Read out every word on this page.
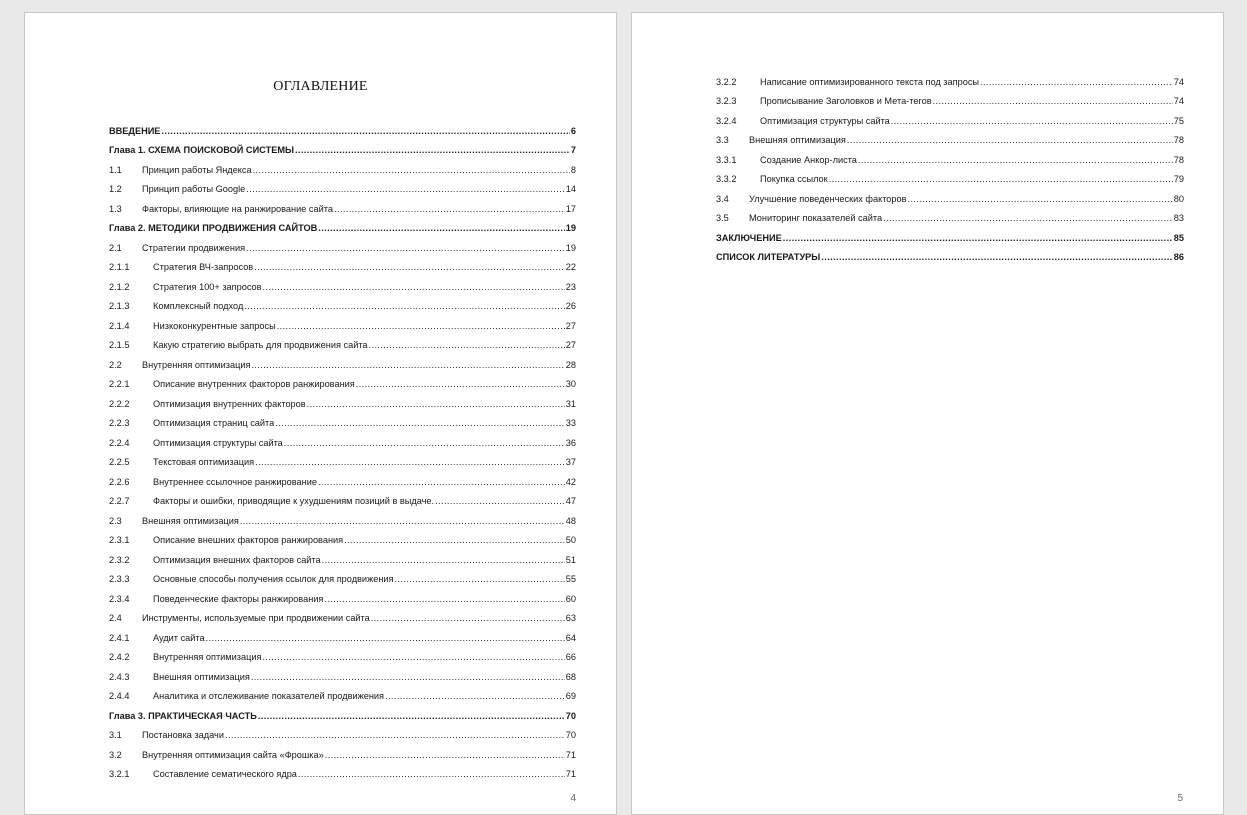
ОГЛАВЛЕНИЕ
ВВЕДЕНИЕ .....	6
Глава 1. СХЕМА ПОИСКОВОЙ СИСТЕМЫ .....	7
1.1	Принцип работы Яндекса .....	8
1.2	Принцип работы Google .....	14
1.3	Факторы, влияющие на ранжирование сайта .....	17
Глава 2. МЕТОДИКИ ПРОДВИЖЕНИЯ САЙТОВ .....	19
2.1	Стратегии продвижения .....	19
2.1.1	Стратегия ВЧ-запросов .....	22
2.1.2	Стратегия 100+ запросов .....	23
2.1.3	Комплексный подход .....	26
2.1.4	Низкоконкурентные запросы .....	27
2.1.5	Какую стратегию выбрать для продвижения сайта .....	27
2.2	Внутренняя оптимизация .....	28
2.2.1	Описание внутренних факторов ранжирования .....	30
2.2.2	Оптимизация внутренних факторов .....	31
2.2.3	Оптимизация страниц сайта .....	33
2.2.4	Оптимизация структуры сайта .....	36
2.2.5	Текстовая оптимизация .....	37
2.2.6	Внутреннее ссылочное ранжирование .....	42
2.2.7	Факторы и ошибки, приводящие к ухудшениям позиций в выдаче. .....	47
2.3	Внешняя оптимизация .....	48
2.3.1	Описание внешних факторов ранжирования .....	50
2.3.2	Оптимизация внешних факторов сайта .....	51
2.3.3	Основные способы получения ссылок для продвижения .....	55
2.3.4	Поведенческие факторы ранжирования .....	60
2.4	Инструменты, используемые при продвижении сайта .....	63
2.4.1	Аудит сайта .....	64
2.4.2	Внутренняя оптимизация .....	66
2.4.3	Внешняя оптимизация .....	68
2.4.4	Аналитика и отслеживание показателей продвижения .....	69
Глава 3. ПРАКТИЧЕСКАЯ ЧАСТЬ .....	70
3.1	Постановка задачи .....	70
3.2	Внутренняя оптимизация сайта «Фрошка» .....	71
3.2.1	Составление сематического ядра .....	71
4
3.2.2	Написание оптимизированного текста под запросы .....	74
3.2.3	Прописывание Заголовков и Мета-тегов .....	74
3.2.4	Оптимизация структуры сайта .....	75
3.3	Внешняя оптимизация .....	78
3.3.1	Создание Анкор-листа .....	78
3.3.2	Покупка ссылок .....	79
3.4	Улучшение поведенческих факторов .....	80
3.5	Мониторинг показателей сайта .....	83
ЗАКЛЮЧЕНИЕ .....	85
СПИСОК ЛИТЕРАТУРЫ .....	86
5
